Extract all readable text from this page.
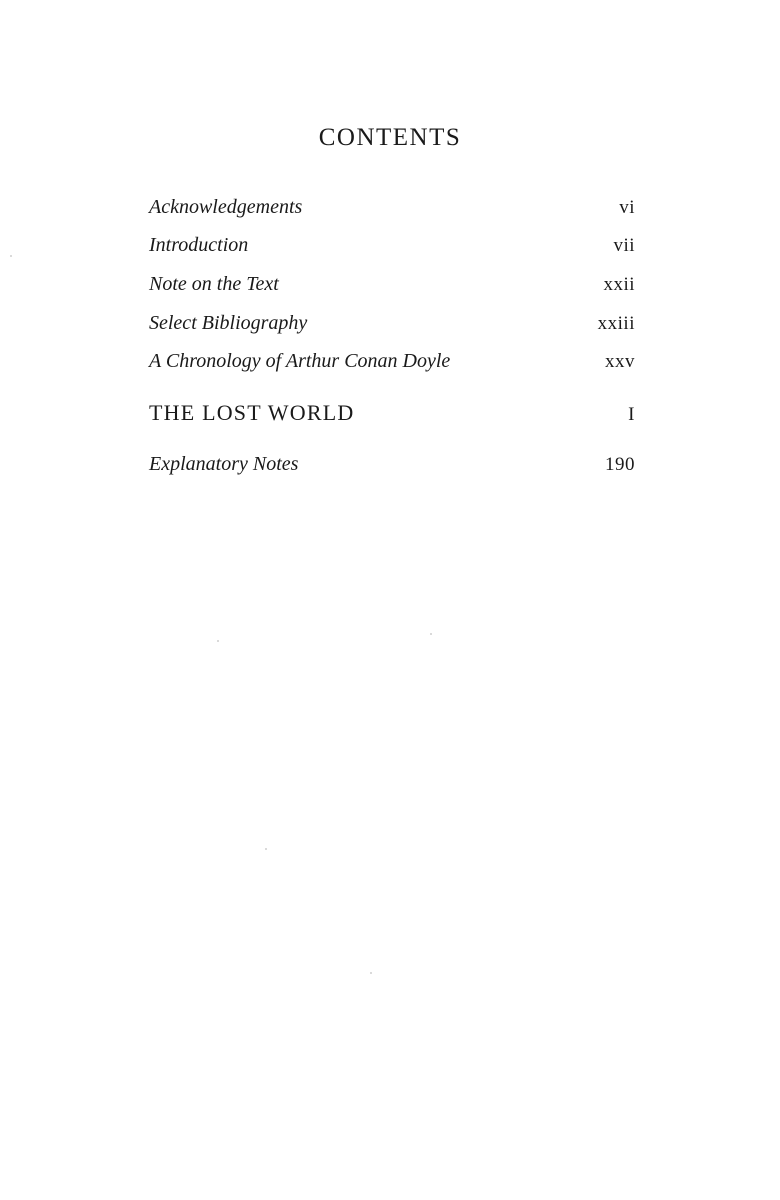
CONTENTS
Acknowledgements	vi
Introduction	vii
Note on the Text	xxii
Select Bibliography	xxiii
A Chronology of Arthur Conan Doyle	xxv
THE LOST WORLD	I
Explanatory Notes	190
